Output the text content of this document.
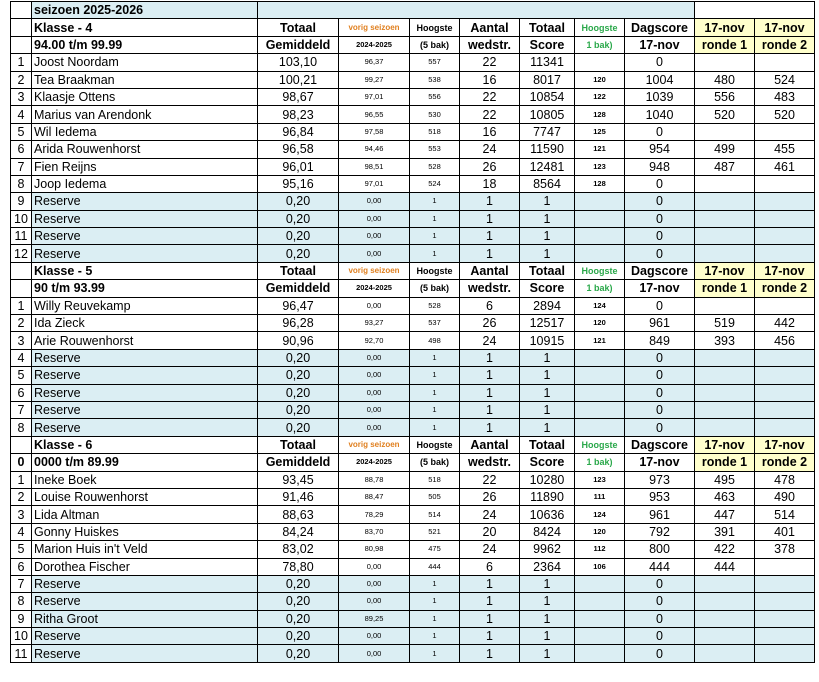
	seizoen 2025-2026									
	Klasse - 4	Totaal	vorig seizoen	Hoogste	Aantal	Totaal	Hoogste	Dagscore	17-nov	17-nov
	94.00 t/m 99.99	Gemiddeld	2024-2025	(5 bak)	wedstr.	Score	1 bak)	17-nov	ronde 1	ronde 2
1	Joost Noordam	103,10	96,37	557	22	11341		0		
2	Tea Braakman	100,21	99,27	538	16	8017	120	1004	480	524
3	Klaasje Ottens	98,67	97,01	556	22	10854	122	1039	556	483
4	Marius van Arendonk	98,23	96,55	530	22	10805	128	1040	520	520
5	Wil Iedema	96,84	97,58	518	16	7747	125	0		
6	Arida Rouwenhorst	96,58	94,46	553	24	11590	121	954	499	455
7	Fien Reijns	96,01	98,51	528	26	12481	123	948	487	461
8	Joop Iedema	95,16	97,01	524	18	8564	128	0		
9	Reserve	0,20	0,00	1	1	1		0		
10	Reserve	0,20	0,00	1	1	1		0		
11	Reserve	0,20	0,00	1	1	1		0		
12	Reserve	0,20	0,00	1	1	1		0		
	Klasse - 5	Totaal	vorig seizoen	Hoogste	Aantal	Totaal	Hoogste	Dagscore	17-nov	17-nov
	90 t/m 93.99	Gemiddeld	2024-2025	(5 bak)	wedstr.	Score	1 bak)	17-nov	ronde 1	ronde 2
1	Willy Reuvekamp	96,47	0,00	528	6	2894	124	0		
2	Ida Zieck	96,28	93,27	537	26	12517	120	961	519	442
3	Arie Rouwenhorst	90,96	92,70	498	24	10915	121	849	393	456
4	Reserve	0,20	0,00	1	1	1		0		
5	Reserve	0,20	0,00	1	1	1		0		
6	Reserve	0,20	0,00	1	1	1		0		
7	Reserve	0,20	0,00	1	1	1		0		
8	Reserve	0,20	0,00	1	1	1		0		
	Klasse - 6	Totaal	vorig seizoen	Hoogste	Aantal	Totaal	Hoogste	Dagscore	17-nov	17-nov
0	0000 t/m 89.99	Gemiddeld	2024-2025	(5 bak)	wedstr.	Score	1 bak)	17-nov	ronde 1	ronde 2
1	Ineke Boek	93,45	88,78	518	22	10280	123	973	495	478
2	Louise Rouwenhorst	91,46	88,47	505	26	11890	111	953	463	490
3	Lida Altman	88,63	78,29	514	24	10636	124	961	447	514
4	Gonny Huiskes	84,24	83,70	521	20	8424	120	792	391	401
5	Marion Huis in't Veld	83,02	80,98	475	24	9962	112	800	422	378
6	Dorothea Fischer	78,80	0,00	444	6	2364	106	444	444	
7	Reserve	0,20	0,00	1	1	1		0		
8	Reserve	0,20	0,00	1	1	1		0		
9	Ritha Groot	0,20	89,25	1	1	1		0		
10	Reserve	0,20	0,00	1	1	1		0		
11	Reserve	0,20	0,00	1	1	1		0		
